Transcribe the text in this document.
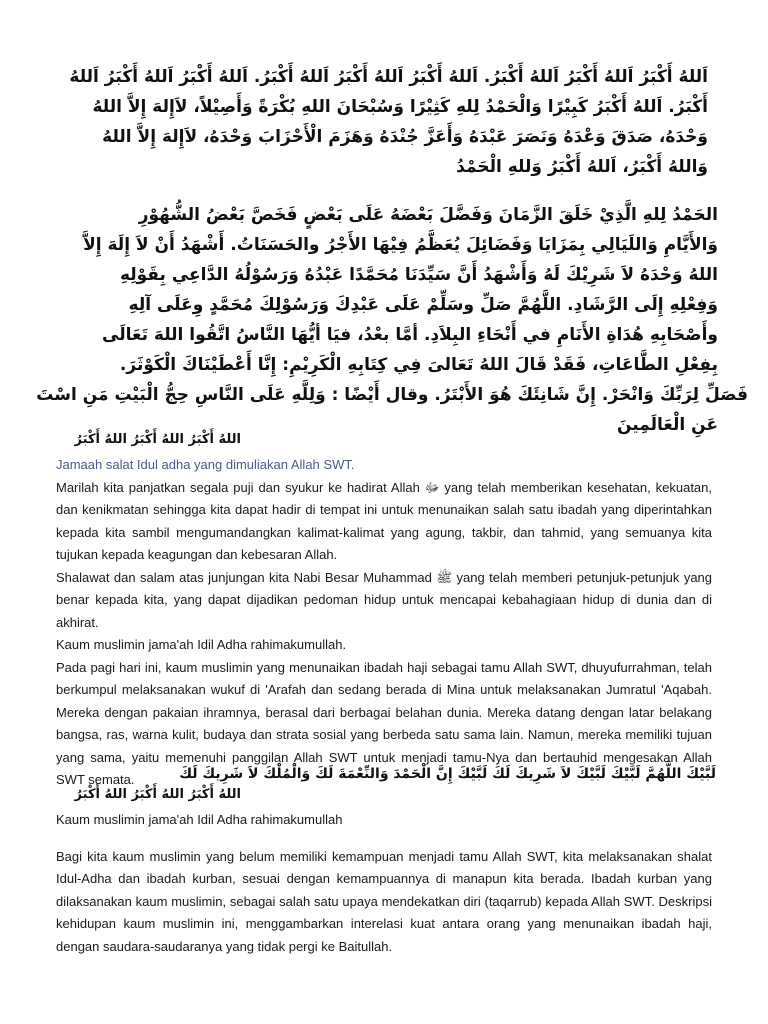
اَللهُ أَكْبَرُ اَللهُ أَكْبَرُ اَللهُ أَكْبَرُ. اَللهُ أَكْبَرُ اَللهُ أَكْبَرُ اَللهُ أَكْبَرُ. اَللهُ أَكْبَرُ اَللهُ أَكْبَرُ اَللهُ
أَكْبَرُ. اَللهُ أَكْبَرُ كَبِيْرًا وَالْحَمْدُ لِلهِ كَثِيْرًا وَسُبْحَانَ اللهِ بُكْرَةً وَأَصِيْلاً، لاَإِلهَ إِلاَّ اللهُ
وَحْدَهُ، صَدَقَ وَعْدَهُ وَنَصَرَ عَبْدَهُ وَأَعَزَّ جُنْدَهُ وَهَزَمَ الْأَحْزَابَ وَحْدَهُ، لاَإِلهَ إِلاَّ اللهُ
وَاللهُ أَكْبَرُ، اَللهُ أَكْبَرُ وَللهِ الْحَمْدُ
الحَمْدُ لِلهِ الَّذِيْ خَلَقَ الزَّمَانَ وَفَضَّلَ بَعْضَهُ عَلَى بَعْضٍ فَخَصَّ بَعْضُ الشُّهُوْرِ
وَالأَيَّامِ وَاللَيَالِي بِمَزَايَا وَفَضَائِلَ يُعَظَّمُ فِيْهَا الأَجْرُ والحَسَنَاتُ. أَشْهَدُ أَنْ لاَ إِلَهَ إِلاَّ
اللهُ وَحْدَهُ لاَ شَرِيْكَ لَهُ وَأَشْهَدُ أَنَّ سَيِّدَنَا مُحَمَّدًا عَبْدُهُ وَرَسُوْلُهُ الدَّاعِي بِقَوْلِهِ
وَفِعْلِهِ إِلَى الرَّشَادِ. اللَّهُمَّ صَلِّ وسَلِّمْ عَلَى عَبْدِكَ وَرَسُوْلِكَ مُحَمَّدٍ وِعَلَى آلِهِ
وأَصْحَابِهِ هُدَاةِ الأَنَامِ في أَنْحَاءِ البِلاَدِ. أمَّا بعْدُ، فيَا أيُّهَا النَّاسُ اتَّقُوا اللهَ تَعَالَى
بِفِعْلِ الطَّاعَاتِ، فَقَدْ قَالَ اللهُ تَعَالىَ فِي كِتَابِهِ الْكَرِيْمِ: إِنَّا أَعْطَيْنَاكَ الْكَوْثَرَ.
فَصَلِّ لِرَبِّكَ وَانْحَرْ. إِنَّ شَانِئَكَ هُوَ الأَبْتَرُ. وقال أَيْضًا : وَلِلَّهِ عَلَى النَّاسِ حِجُّ الْبَيْتِ مَنِ اسْتَ
عَنِ الْعَالَمِينَ
اللهُ أَكْبَرُ اللهُ أَكْبَرُ اللهُ أَكْبَرُ

Jamaah salat Idul adha yang dimuliakan Allah SWT.

Marilah kita panjatkan segala puji dan syukur ke hadirat Allah ﷻ yang telah memberikan kesehatan, kekuatan, dan kenikmatan sehingga kita dapat hadir di tempat ini untuk menunaikan salah satu ibadah yang diperintahkan kepada kita sambil mengumandangkan kalimat-kalimat yang agung, takbir, dan tahmid, yang semuanya kita tujukan kepada keagungan dan kebesaran Allah.

Shalawat dan salam atas junjungan kita Nabi Besar Muhammad ﷺ yang telah memberi petunjuk-petunjuk yang benar kepada kita, yang dapat dijadikan pedoman hidup untuk mencapai kebahagiaan hidup di dunia dan di akhirat.

Kaum muslimin jama'ah Idil Adha rahimakumullah.

Pada pagi hari ini, kaum muslimin yang menunaikan ibadah haji sebagai tamu Allah SWT, dhuyufurrahman, telah berkumpul melaksanakan wukuf di 'Arafah dan sedang berada di Mina untuk melaksanakan Jumratul 'Aqabah. Mereka dengan pakaian ihramnya, berasal dari berbagai belahan dunia. Mereka datang dengan latar belakang bangsa, ras, warna kulit, budaya dan strata sosial yang berbeda satu sama lain. Namun, mereka memiliki tujuan yang sama, yaitu memenuhi panggilan Allah SWT untuk menjadi tamu-Nya dan bertauhid mengesakan Allah SWT semata.	لَبَّيْكَ اللَّهُمَّ لَبَّيْكَ لَبَّيْكَ لاَ شَرِيكَ لَكَ لَبَّيْكَ إِنَّ الْحَمْدَ وَالنِّعْمَةَ لَكَ وَالْمُلْكَ لاَ شَرِيكَ لَكَ
اللهُ أَكْبَرُ اللهُ أَكْبَرُ اللهُ أَكْبَرُ

Kaum muslimin jama'ah Idil Adha rahimakumullah

Bagi kita kaum muslimin yang belum memiliki kemampuan menjadi tamu Allah SWT, kita melaksanakan shalat Idul-Adha dan ibadah kurban, sesuai dengan kemampuannya di manapun kita berada. Ibadah kurban yang dilaksanakan kaum muslimin, sebagai salah satu upaya mendekatkan diri (taqarrub) kepada Allah SWT. Deskripsi kehidupan kaum muslimin ini, menggambarkan interelasi kuat antara orang yang menunaikan ibadah haji, dengan saudara-saudaranya yang tidak pergi ke Baitullah.
